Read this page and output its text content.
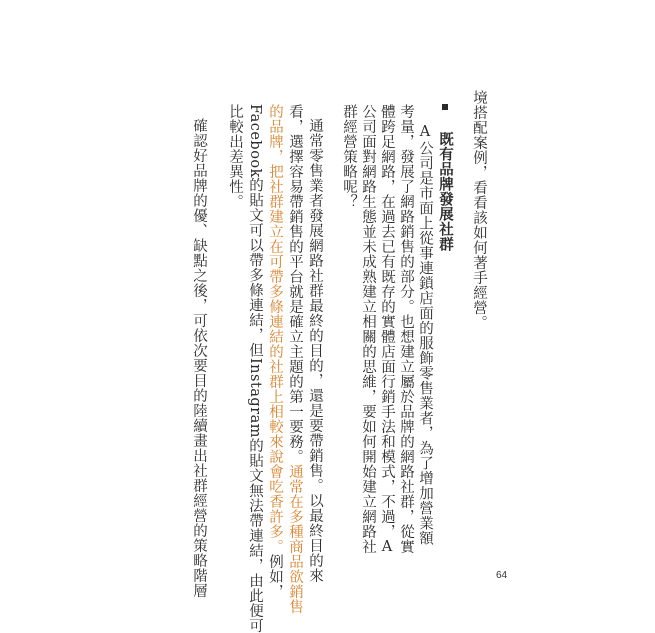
境搭配案例，看看該如何著手經營。
既有品牌發展社群
A公司是市面上從事連鎖店面的服飾零售業者，為了增加營業額
考量，發展了網路銷售的部分。也想建立屬於品牌的網路社群，從實
體跨足網路，在過去已有既存的實體店面行銷手法和模式，不過，A
公司面對網路生態並未成熟建立相關的思維，要如何開始建立網路社
群經營策略呢？
通常零售業者發展網路社群最終的目的，還是要帶銷售。以最終目的來
看，選擇容易帶銷售的平台就是確立主題的第一要務。通常在多種商品欲銷售
的品牌，把社群建立在可帶多條連結的社群上相較來說會吃香許多。例如，
Facebook的貼文可以帶多條連結，但Instagram的貼文無法帶連結，由此便可
比較出差異性。
確認好品牌的優、缺點之後，可依次要目的陸續畫出社群經營的策略階層	64
